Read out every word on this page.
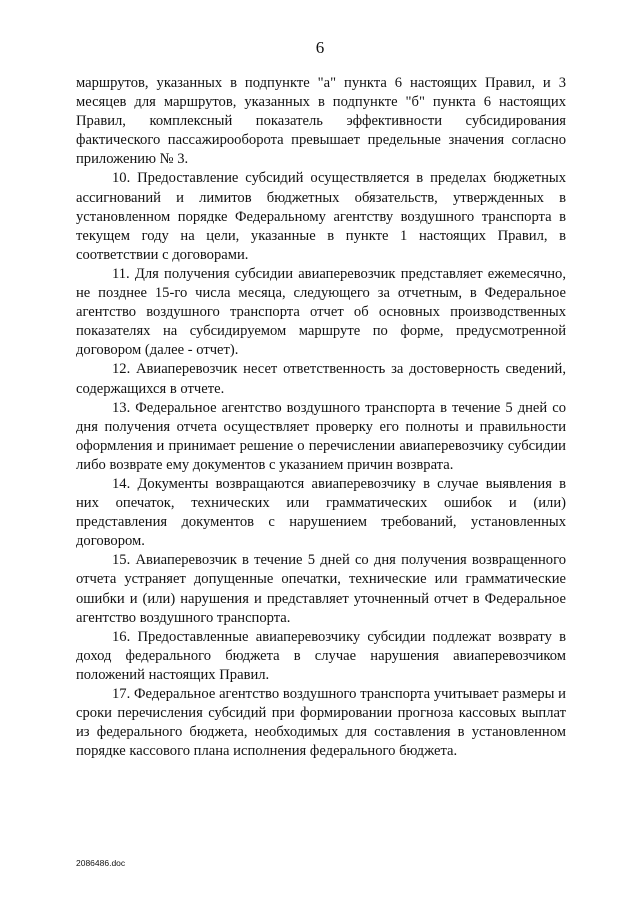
6

маршрутов, указанных в подпункте "а" пункта 6 настоящих Правил, и 3 месяцев для маршрутов, указанных в подпункте "б" пункта 6 настоящих Правил, комплексный показатель эффективности субсидирования фактического пассажирооборота превышает предельные значения согласно приложению № 3.

10. Предоставление субсидий осуществляется в пределах бюджетных ассигнований и лимитов бюджетных обязательств, утвержденных в установленном порядке Федеральному агентству воздушного транспорта в текущем году на цели, указанные в пункте 1 настоящих Правил, в соответствии с договорами.

11. Для получения субсидии авиаперевозчик представляет ежемесячно, не позднее 15-го числа месяца, следующего за отчетным, в Федеральное агентство воздушного транспорта отчет об основных производственных показателях на субсидируемом маршруте по форме, предусмотренной договором (далее - отчет).

12. Авиаперевозчик несет ответственность за достоверность сведений, содержащихся в отчете.

13. Федеральное агентство воздушного транспорта в течение 5 дней со дня получения отчета осуществляет проверку его полноты и правильности оформления и принимает решение о перечислении авиаперевозчику субсидии либо возврате ему документов с указанием причин возврата.

14. Документы возвращаются авиаперевозчику в случае выявления в них опечаток, технических или грамматических ошибок и (или) представления документов с нарушением требований, установленных договором.

15. Авиаперевозчик в течение 5 дней со дня получения возвращенного отчета устраняет допущенные опечатки, технические или грамматические ошибки и (или) нарушения и представляет уточненный отчет в Федеральное агентство воздушного транспорта.

16. Предоставленные авиаперевозчику субсидии подлежат возврату в доход федерального бюджета в случае нарушения авиаперевозчиком положений настоящих Правил.

17. Федеральное агентство воздушного транспорта учитывает размеры и сроки перечисления субсидий при формировании прогноза кассовых выплат из федерального бюджета, необходимых для составления в установленном порядке кассового плана исполнения федерального бюджета.

2086486.doc
